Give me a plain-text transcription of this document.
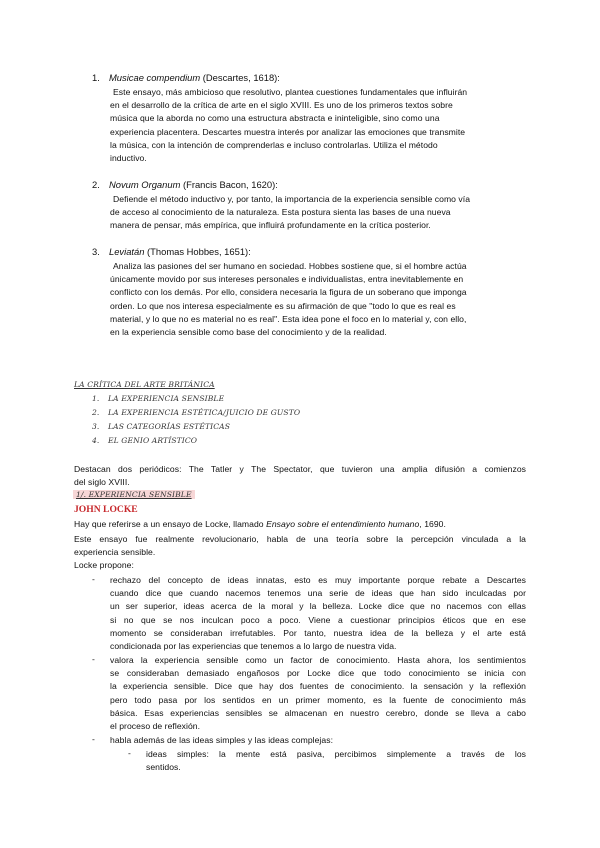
1. Musicae compendium (Descartes, 1618):
Este ensayo, más ambicioso que resolutivo, plantea cuestiones fundamentales que influirán
en el desarrollo de la crítica de arte en el siglo XVIII. Es uno de los primeros textos sobre
música que la aborda no como una estructura abstracta e ininteligible, sino como una
experiencia placentera. Descartes muestra interés por analizar las emociones que transmite
la música, con la intención de comprenderlas e incluso controlarlas. Utiliza el método
inductivo.
2. Novum Organum (Francis Bacon, 1620):
Defiende el método inductivo y, por tanto, la importancia de la experiencia sensible como vía
de acceso al conocimiento de la naturaleza. Esta postura sienta las bases de una nueva
manera de pensar, más empírica, que influirá profundamente en la crítica posterior.
3. Leviatán (Thomas Hobbes, 1651):
Analiza las pasiones del ser humano en sociedad. Hobbes sostiene que, si el hombre actúa
únicamente movido por sus intereses personales e individualistas, entra inevitablemente en
conflicto con los demás. Por ello, considera necesaria la figura de un soberano que imponga
orden. Lo que nos interesa especialmente es su afirmación de que "todo lo que es real es
material, y lo que no es material no es real". Esta idea pone el foco en lo material y, con ello,
en la experiencia sensible como base del conocimiento y de la realidad.
LA CRÍTICA DEL ARTE BRITÁNICA
1. LA EXPERIENCIA SENSIBLE
2. LA EXPERIENCIA ESTÉTICA/JUICIO DE GUSTO
3. LAS CATEGORÍAS ESTÉTICAS
4. EL GENIO ARTÍSTICO
Destacan dos periódicos: The Tatler y The Spectator, que tuvieron una amplia difusión a comienzos
del siglo XVIII.
1/. EXPERIENCIA SENSIBLE
JOHN LOCKE
Hay que referirse a un ensayo de Locke, llamado Ensayo sobre el entendimiento humano, 1690.
Este ensayo fue realmente revolucionario, habla de una teoría sobre la percepción vinculada a la
experiencia sensible.
Locke propone:
- rechazo del concepto de ideas innatas, esto es muy importante porque rebate a Descartes
cuando dice que cuando nacemos tenemos una serie de ideas que han sido inculcadas por
un ser superior, ideas acerca de la moral y la belleza. Locke dice que no nacemos con ellas
si no que se nos inculcan poco a poco. Viene a cuestionar principios éticos que en ese
momento se consideraban irrefutables. Por tanto, nuestra idea de la belleza y el arte está
condicionada por las experiencias que tenemos a lo largo de nuestra vida.
- valora la experiencia sensible como un factor de conocimiento. Hasta ahora, los sentimientos
se consideraban demasiado engañosos por Locke dice que todo conocimiento se inicia con
la experiencia sensible. Dice que hay dos fuentes de conocimiento. la sensación y la reflexión
pero todo pasa por los sentidos en un primer momento, es la fuente de conocimiento más
básica. Esas experiencias sensibles se almacenan en nuestro cerebro, donde se lleva a cabo
el proceso de reflexión.
- habla además de las ideas simples y las ideas complejas:
- ideas simples: la mente está pasiva, percibimos simplemente a través de los
sentidos.
